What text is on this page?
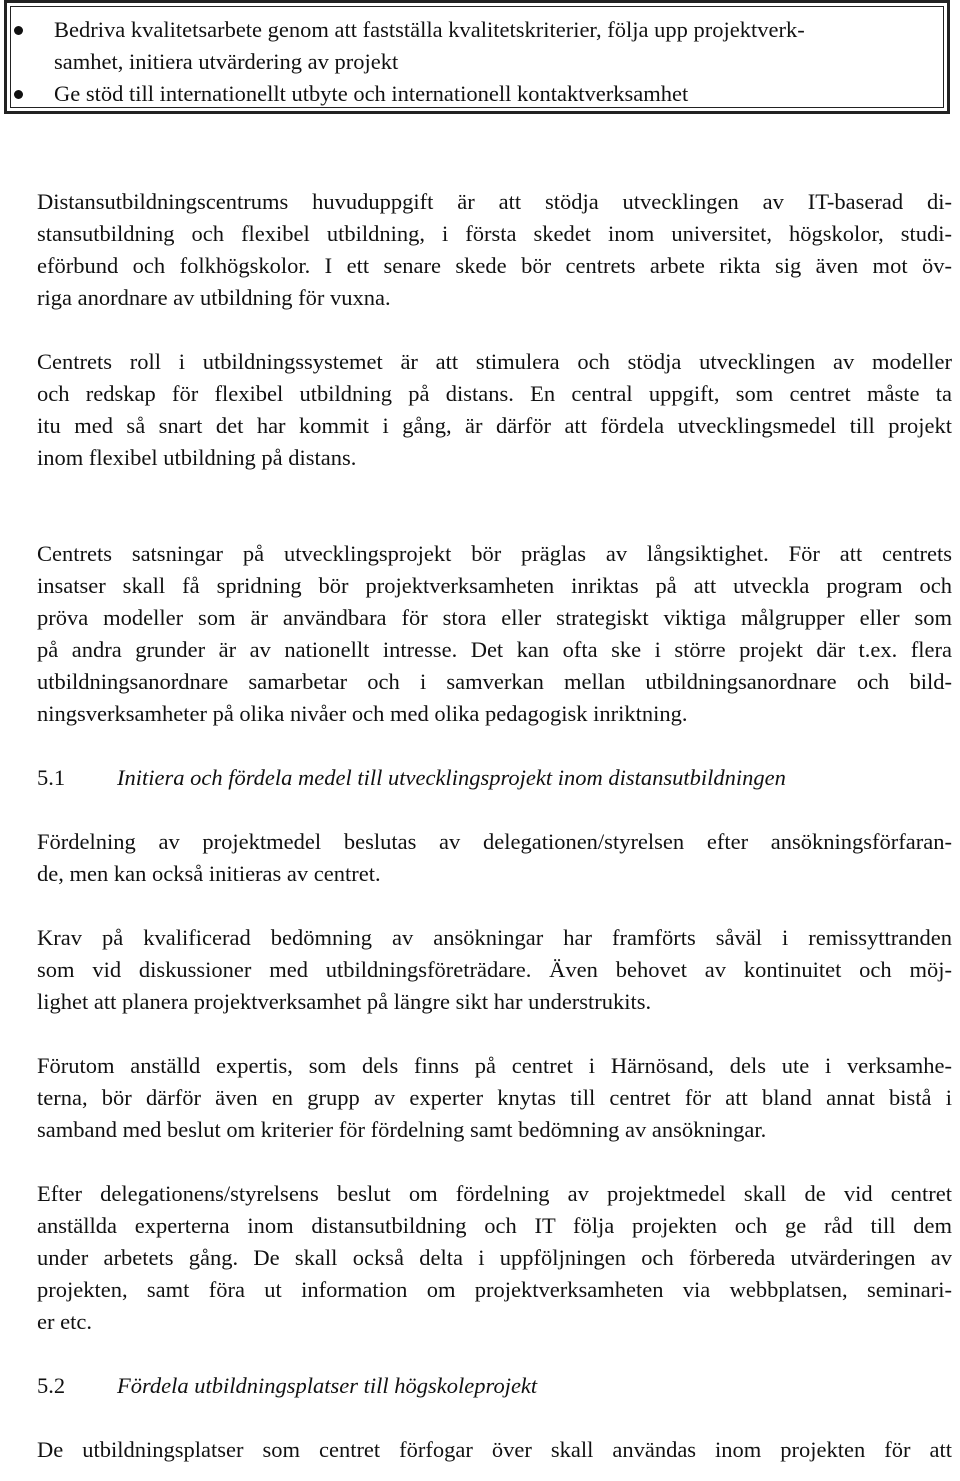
Bedriva kvalitetsarbete genom att fastställa kvalitetskriterier, följa upp projektverk-
samhet, initiera utvärdering av projekt
Ge stöd till internationellt utbyte och internationell kontaktverksamhet
Distansutbildningscentrums huvuduppgift är att stödja utvecklingen av IT-baserad di-
stansutbildning och flexibel utbildning, i första skedet inom universitet, högskolor, studi-
eförbund och folkhögskolor. I ett senare skede bör centrets arbete rikta sig även mot öv-
riga anordnare av utbildning för vuxna.
Centrets roll i utbildningssystemet är att stimulera och stödja utvecklingen av modeller
och redskap för flexibel utbildning på distans. En central uppgift, som centret måste ta
itu med så snart det har kommit i gång, är därför att fördela utvecklingsmedel till projekt
inom flexibel utbildning på distans.
Centrets satsningar på utvecklingsprojekt bör präglas av långsiktighet. För att centrets
insatser skall få spridning bör projektverksamheten inriktas på att utveckla program och
pröva modeller som är användbara för stora eller strategiskt viktiga målgrupper eller som
på andra grunder är av nationellt intresse. Det kan ofta ske i större projekt där t.ex. flera
utbildningsanordnare samarbetar och i samverkan mellan utbildningsanordnare och bild-
ningsverksamheter på olika nivåer och med olika pedagogisk inriktning.
5.1 Initiera och fördela medel till utvecklingsprojekt inom distansutbildningen
Fördelning av projektmedel beslutas av delegationen/styrelsen efter ansökningsförfaran-
de, men kan också initieras av centret.
Krav på kvalificerad bedömning av ansökningar har framförts såväl i remissyttranden
som vid diskussioner med utbildningsföreträdare. Även behovet av kontinuitet och möj-
lighet att planera projektverksamhet på längre sikt har understrukits.
Förutom anställd expertis, som dels finns på centret i Härnösand, dels ute i verksamhe-
terna, bör därför även en grupp av experter knytas till centret för att bland annat bistå i
samband med beslut om kriterier för fördelning samt bedömning av ansökningar.
Efter delegationens/styrelsens beslut om fördelning av projektmedel skall de vid centret
anställda experterna inom distansutbildning och IT följa projekten och ge råd till dem
under arbetets gång. De skall också delta i uppföljningen och förbereda utvärderingen av
projekten, samt föra ut information om projektverksamheten via webbplatsen, seminari-
er etc.
5.2 Fördela utbildningsplatser till högskoleprojekt
De utbildningsplatser som centret förfogar över skall användas inom projekten för att
